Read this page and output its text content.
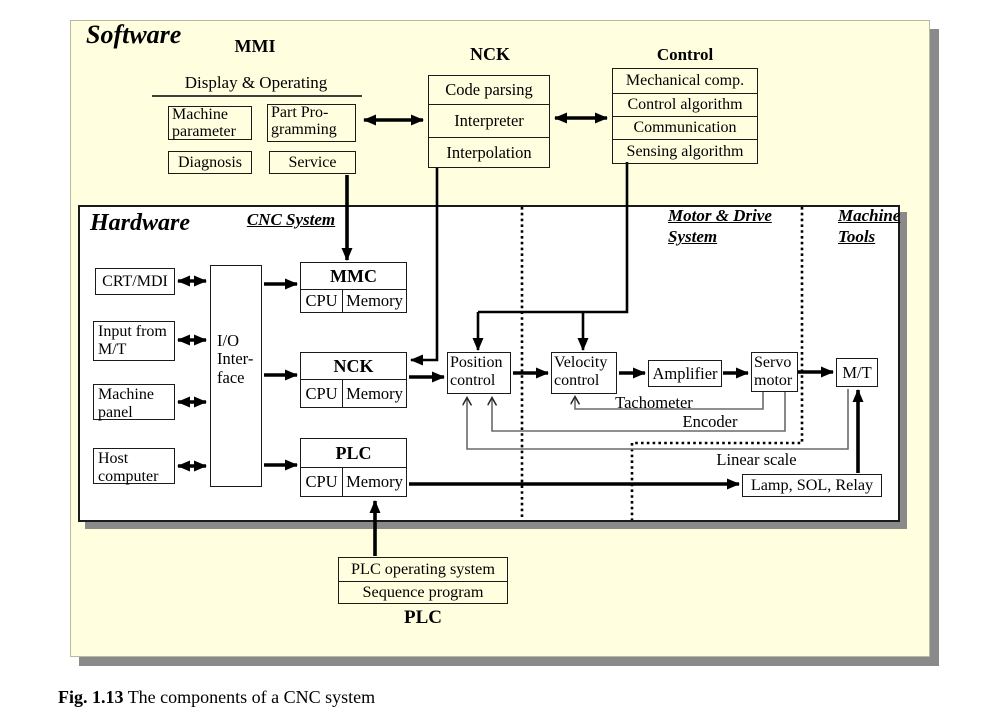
Software	MMI
Display & Operating
Machine parameter
Part Pro-gramming
Diagnosis	Service
NCK
Code parsing
Interpreter
Interpolation
Control
Mechanical comp.
Control algorithm
Communication
Sensing algorithm
Hardware	CNC System	Motor & Drive System
Machine Tools
CRT/MDI
Input from M/T
Machine panel
Host computer
I/O Inter-face
MMC
CPU Memory
NCK
CPU Memory
PLC
CPU Memory
Position control
Velocity control	Amplifier
Servo motor	M/T
Tachometer
Encoder
Linear scale
Lamp, SOL, Relay
PLC operating system
Sequence program
PLC
Fig. 1.13 The components of a CNC system
